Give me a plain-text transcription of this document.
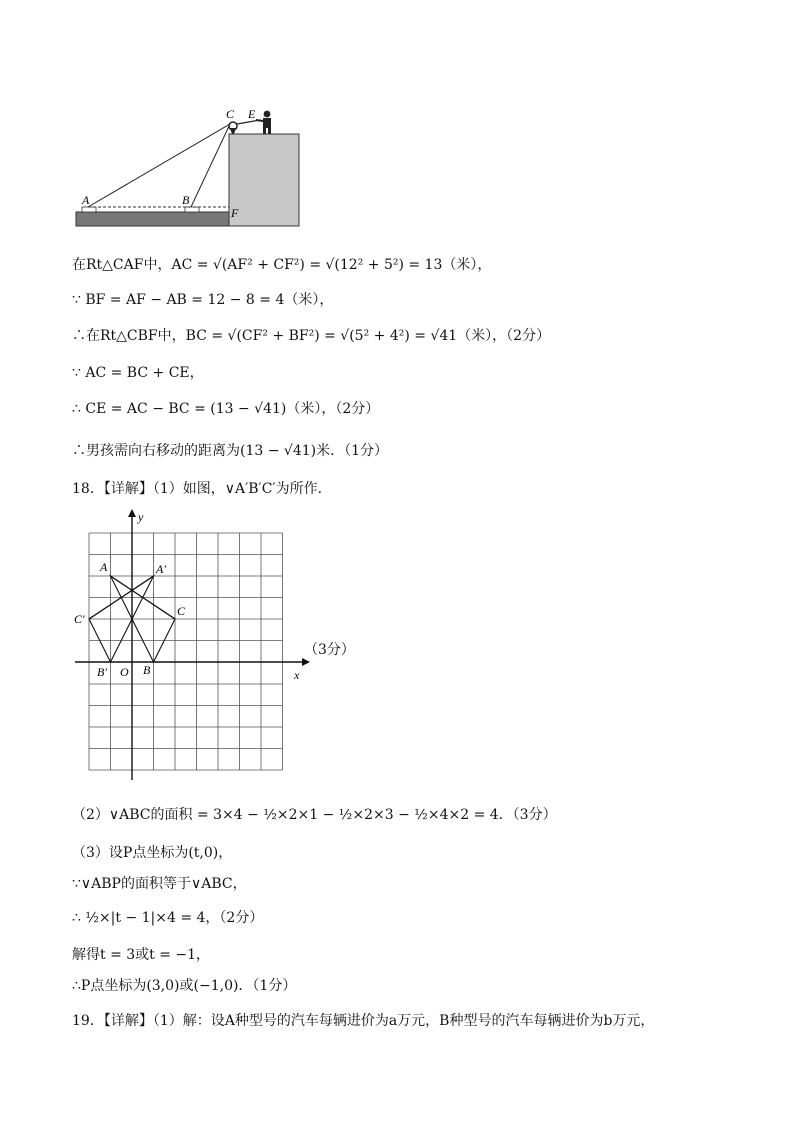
C E
A	B
F
在Rt△CAF中，AC = √(AF² + CF²) = √(12² + 5²) = 13（米），
∵ BF = AF − AB = 12 − 8 = 4（米），
∴在Rt△CBF中，BC = √(CF² + BF²) = √(5² + 4²) = √41（米），（2分）
∵ AC = BC + CE，
∴ CE = AC − BC = (13 − √41)（米），（2分）
∴男孩需向右移动的距离为(13 − √41)米．（1分）
18．【详解】（1）如图，∨A′B′C′为所作．
A	A′
C
C′
B′ O B	x
y
（3分）
（2）∨ABC的面积 = 3×4 − ½×2×1 − ½×2×3 − ½×4×2 = 4．（3分）
（3）设P点坐标为(t,0)，
∵∨ABP的面积等于∨ABC，
∴ ½×|t − 1|×4 = 4，（2分）
解得t = 3或t = −1，
∴P点坐标为(3,0)或(−1,0)．（1分）
19．【详解】（1）解：设A种型号的汽车每辆进价为a万元，B种型号的汽车每辆进价为b万元，
